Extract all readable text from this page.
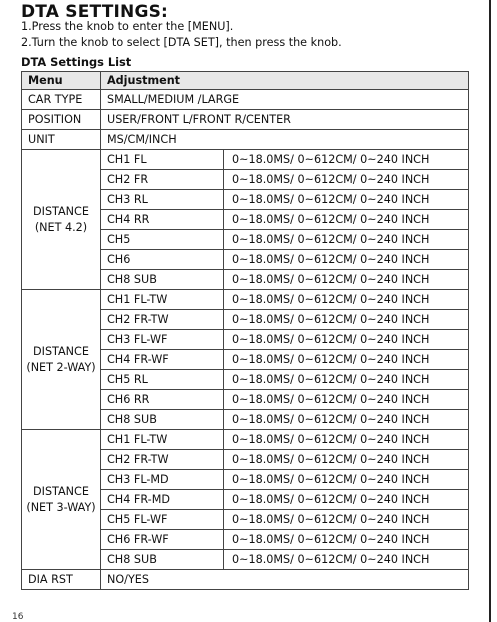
DTA SETTINGS:
1.Press the knob to enter the [MENU].
2.Turn the knob to select [DTA SET], then press the knob.
DTA Settings List
Menu	Adjustment	
CAR TYPE	SMALL/MEDIUM /LARGE	
POSITION	USER/FRONT L/FRONT R/CENTER	
UNIT	MS/CM/INCH	

DISTANCE
(NET 4.2)	CH1 FL	0~18.0MS/ 0~612CM/ 0~240 INCH
	CH2 FR	0~18.0MS/ 0~612CM/ 0~240 INCH
	CH3 RL	0~18.0MS/ 0~612CM/ 0~240 INCH
	CH4 RR	0~18.0MS/ 0~612CM/ 0~240 INCH
	CH5	0~18.0MS/ 0~612CM/ 0~240 INCH
	CH6	0~18.0MS/ 0~612CM/ 0~240 INCH
	CH8 SUB	0~18.0MS/ 0~612CM/ 0~240 INCH

DISTANCE
(NET 2-WAY)	CH1 FL-TW	0~18.0MS/ 0~612CM/ 0~240 INCH
	CH2 FR-TW	0~18.0MS/ 0~612CM/ 0~240 INCH
	CH3 FL-WF	0~18.0MS/ 0~612CM/ 0~240 INCH
	CH4 FR-WF	0~18.0MS/ 0~612CM/ 0~240 INCH
	CH5 RL	0~18.0MS/ 0~612CM/ 0~240 INCH
	CH6 RR	0~18.0MS/ 0~612CM/ 0~240 INCH
	CH8 SUB	0~18.0MS/ 0~612CM/ 0~240 INCH

DISTANCE
(NET 3-WAY)	CH1 FL-TW	0~18.0MS/ 0~612CM/ 0~240 INCH
	CH2 FR-TW	0~18.0MS/ 0~612CM/ 0~240 INCH
	CH3 FL-MD	0~18.0MS/ 0~612CM/ 0~240 INCH
	CH4 FR-MD	0~18.0MS/ 0~612CM/ 0~240 INCH
	CH5 FL-WF	0~18.0MS/ 0~612CM/ 0~240 INCH
	CH6 FR-WF	0~18.0MS/ 0~612CM/ 0~240 INCH
	CH8 SUB	0~18.0MS/ 0~612CM/ 0~240 INCH
DIA RST	NO/YES	
16
